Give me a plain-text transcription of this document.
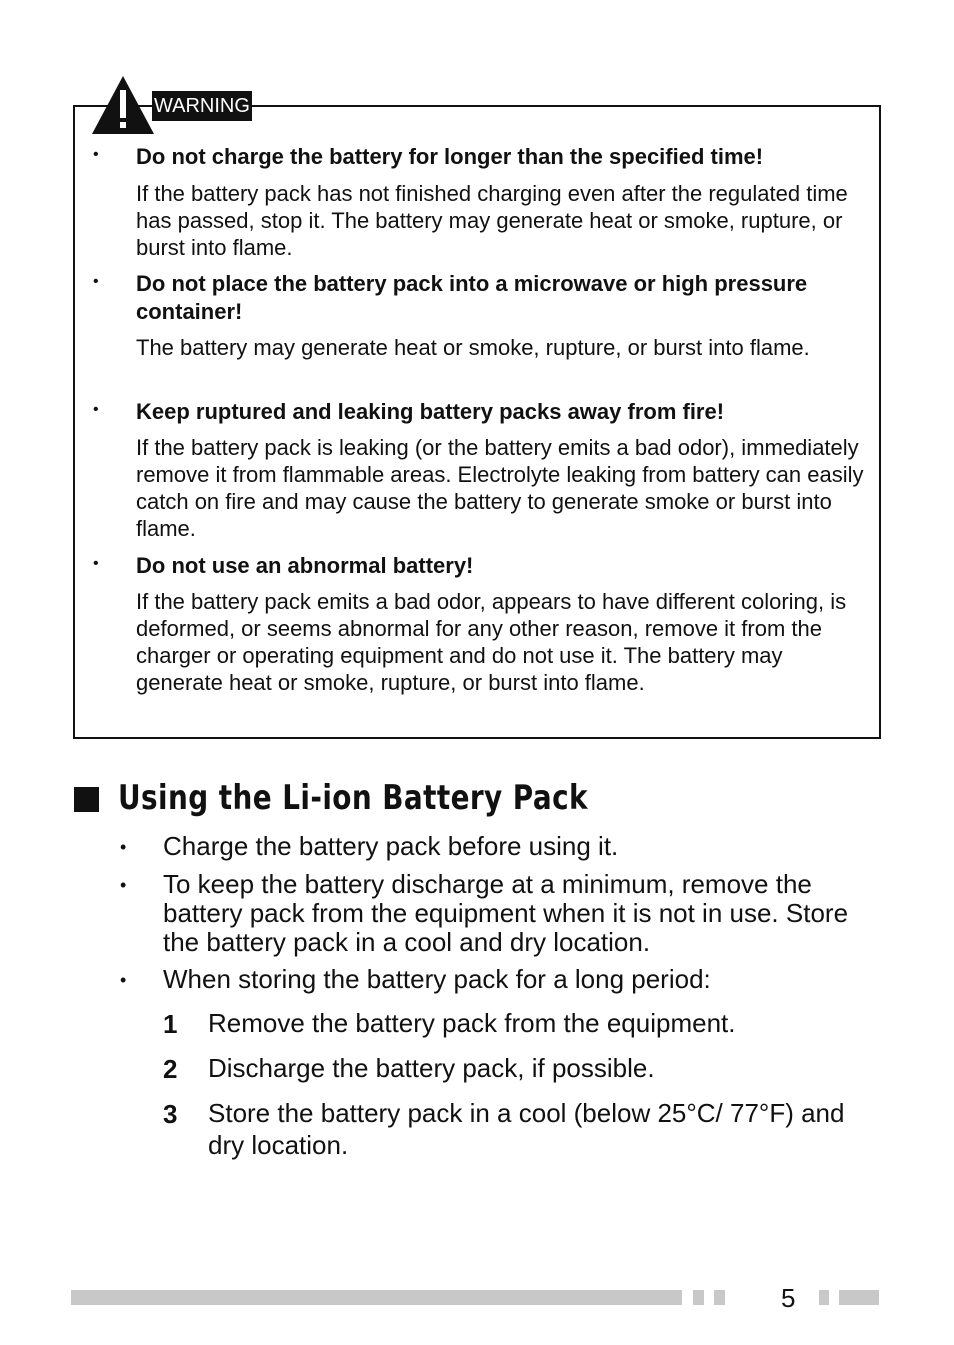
WARNING
• Do not charge the battery for longer than the specified time!
If the battery pack has not finished charging even after the regulated time has passed, stop it. The battery may generate heat or smoke, rupture, or burst into flame.
• Do not place the battery pack into a microwave or high pressure container!
The battery may generate heat or smoke, rupture, or burst into flame.
• Keep ruptured and leaking battery packs away from fire!
If the battery pack is leaking (or the battery emits a bad odor), immediately remove it from flammable areas. Electrolyte leaking from battery can easily catch on fire and may cause the battery to generate smoke or burst into flame.
• Do not use an abnormal battery!
If the battery pack emits a bad odor, appears to have different coloring, is deformed, or seems abnormal for any other reason, remove it from the charger or operating equipment and do not use it. The battery may generate heat or smoke, rupture, or burst into flame.
Using the Li-ion Battery Pack
• Charge the battery pack before using it.
• To keep the battery discharge at a minimum, remove the battery pack from the equipment when it is not in use. Store the battery pack in a cool and dry location.
• When storing the battery pack for a long period:
1 Remove the battery pack from the equipment.
2 Discharge the battery pack, if possible.
3 Store the battery pack in a cool (below 25°C/ 77°F) and dry location.
5
